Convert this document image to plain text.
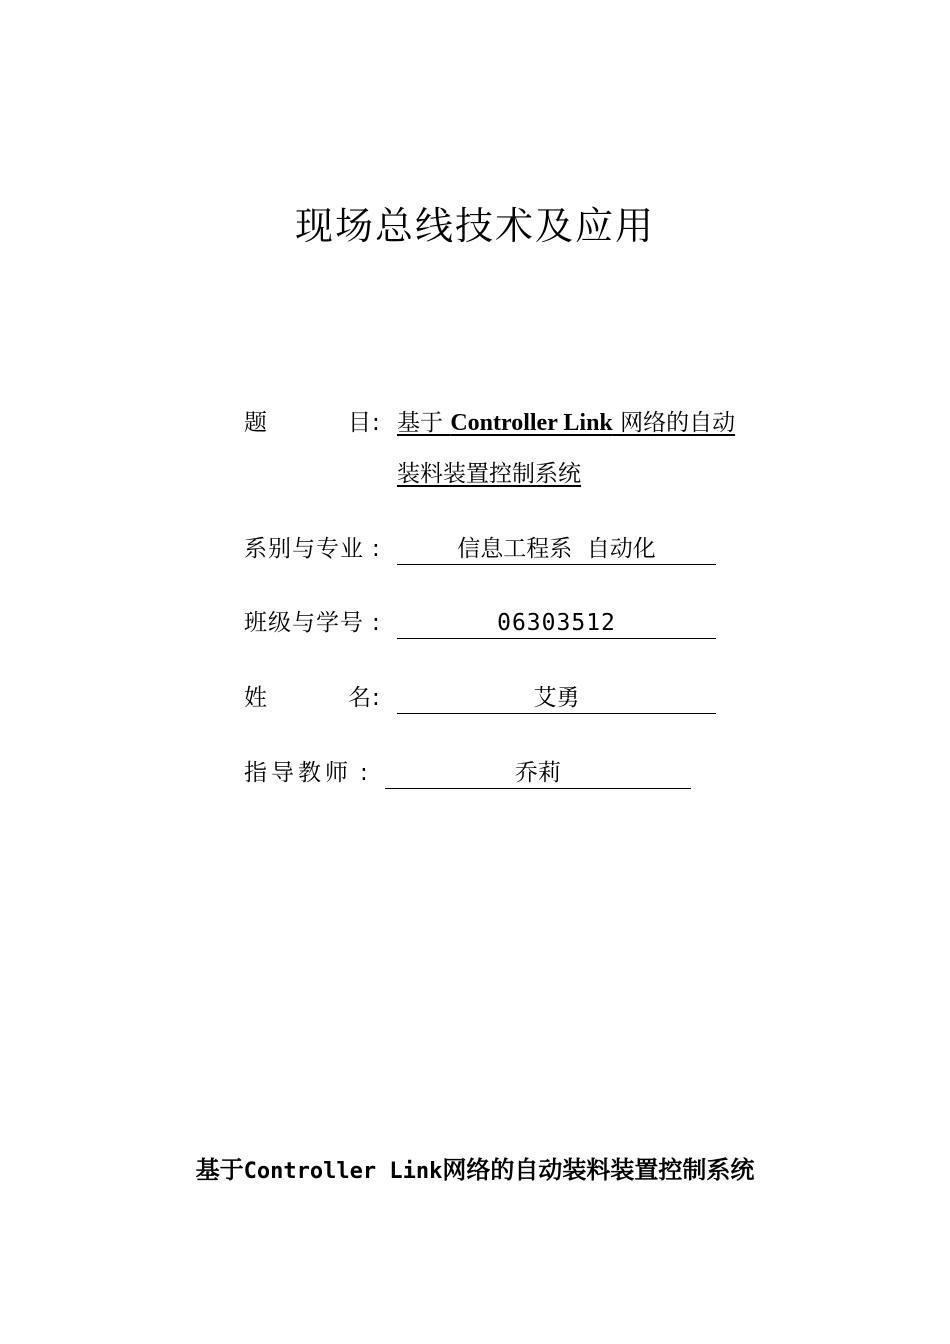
现场总线技术及应用
题	目 : 基于 Controller Link 网络的自动
装料装置控制系统
系别与专业 :	信息工程系  自动化
班级与学号 :	06303512
姓	名 :	艾勇
指导教师 :	乔莉
基于Controller Link网络的自动装料装置控制系统
